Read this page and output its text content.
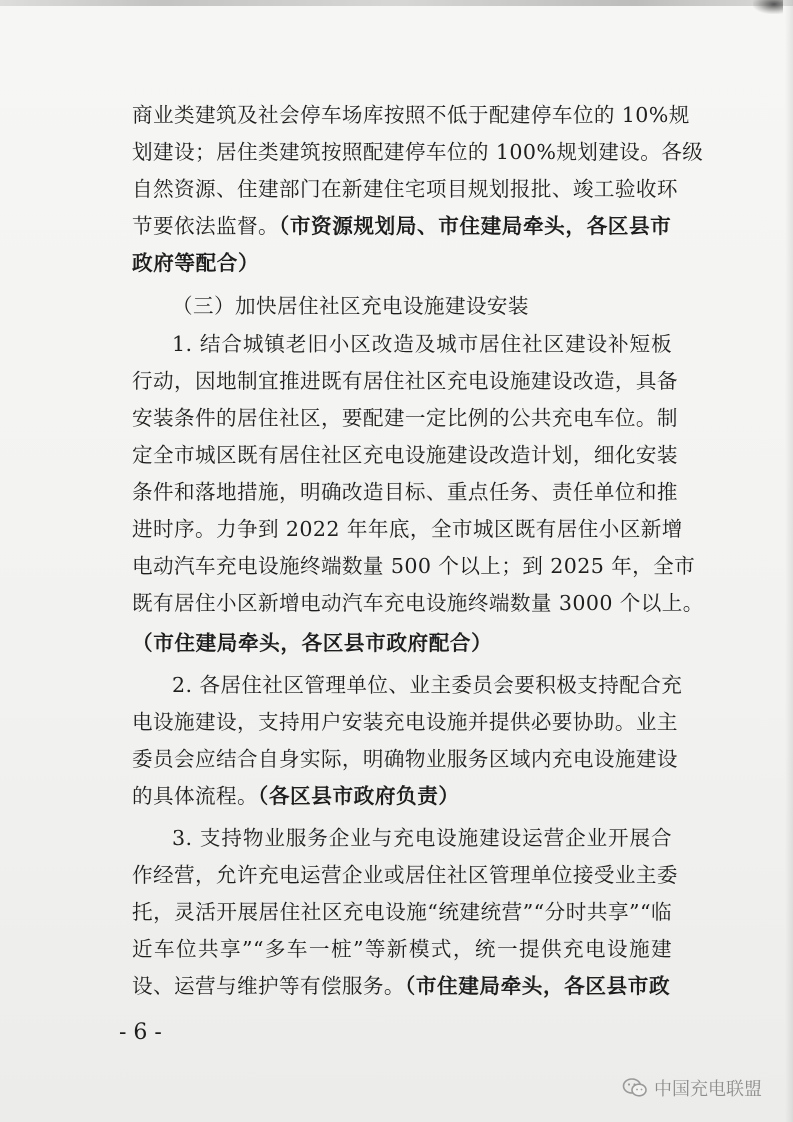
商业类建筑及社会停车场库按照不低于配建停车位的 10%规
划建设；居住类建筑按照配建停车位的 100%规划建设。各级
自然资源、住建部门在新建住宅项目规划报批、竣工验收环
节要依法监督。（市资源规划局、市住建局牵头，各区县市
政府等配合）
（三）加快居住社区充电设施建设安装
1. 结合城镇老旧小区改造及城市居住社区建设补短板
行动，因地制宜推进既有居住社区充电设施建设改造，具备
安装条件的居住社区，要配建一定比例的公共充电车位。制
定全市城区既有居住社区充电设施建设改造计划，细化安装
条件和落地措施，明确改造目标、重点任务、责任单位和推
进时序。力争到 2022 年年底，全市城区既有居住小区新增
电动汽车充电设施终端数量 500 个以上；到 2025 年，全市
既有居住小区新增电动汽车充电设施终端数量 3000 个以上。
（市住建局牵头，各区县市政府配合）
2. 各居住社区管理单位、业主委员会要积极支持配合充
电设施建设，支持用户安装充电设施并提供必要协助。业主
委员会应结合自身实际，明确物业服务区域内充电设施建设
的具体流程。（各区县市政府负责）
3. 支持物业服务企业与充电设施建设运营企业开展合
作经营，允许充电运营企业或居住社区管理单位接受业主委
托，灵活开展居住社区充电设施“统建统营”“分时共享”“临
近车位共享”“多车一桩”等新模式，统一提供充电设施建
设、运营与维护等有偿服务。（市住建局牵头，各区县市政
- 6 -
中国充电联盟
